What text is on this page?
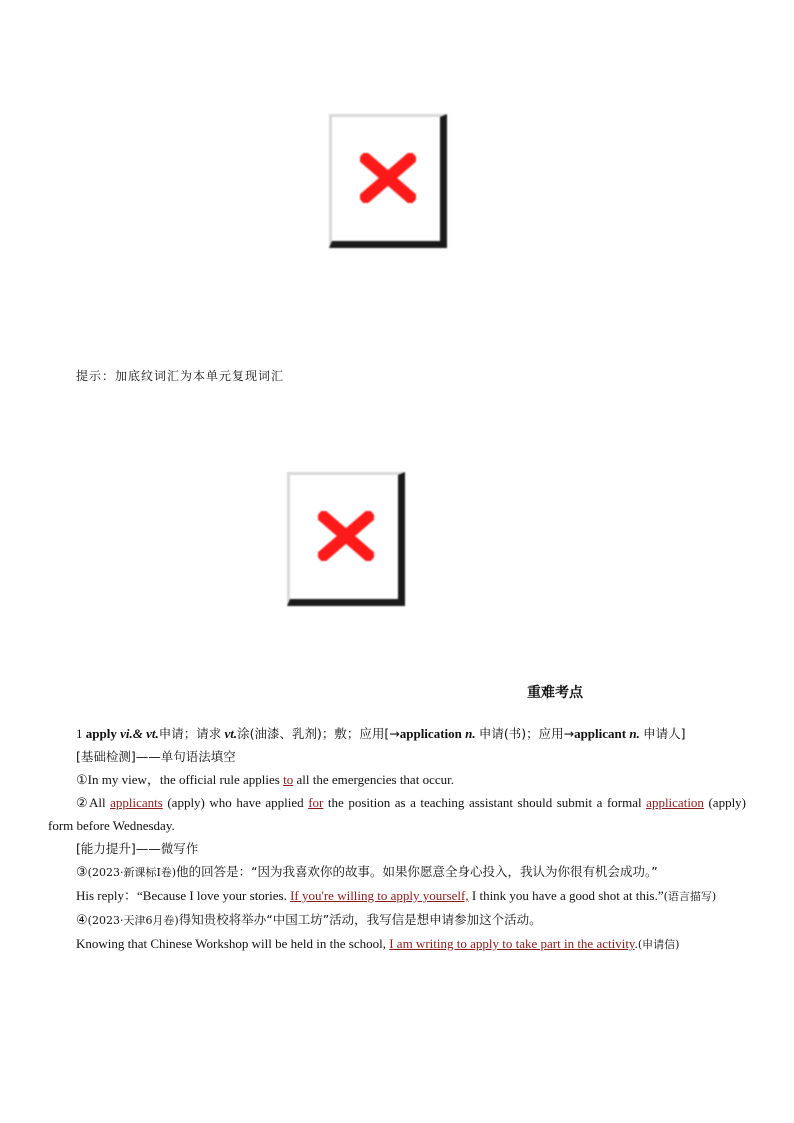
提示：加底纹词汇为本单元复现词汇
重难考点

1 apply vi.& vt.申请；请求 vt.涂(油漆、乳剂)；敷；应用[→application n. 申请(书)；应用→applicant n. 申请人]

[基础检测]——单句语法填空

①In my view，the official rule applies to all the emergencies that occur.

②All applicants (apply) who have applied for the position as a teaching assistant should submit a formal application (apply) form before Wednesday.

[能力提升]——微写作

③(2023·新课标Ⅰ卷)他的回答是：“因为我喜欢你的故事。如果你愿意全身心投入，我认为你很有机会成功。”

His reply：“Because I love your stories. If you're willing to apply yourself, I think you have a good shot at this.”(语言描写)

④(2023·天津6月卷)得知贵校将举办“中国工坊”活动，我写信是想申请参加这个活动。

Knowing that Chinese Workshop will be held in the school, I am writing to apply to take part in the activity.(申请信)
